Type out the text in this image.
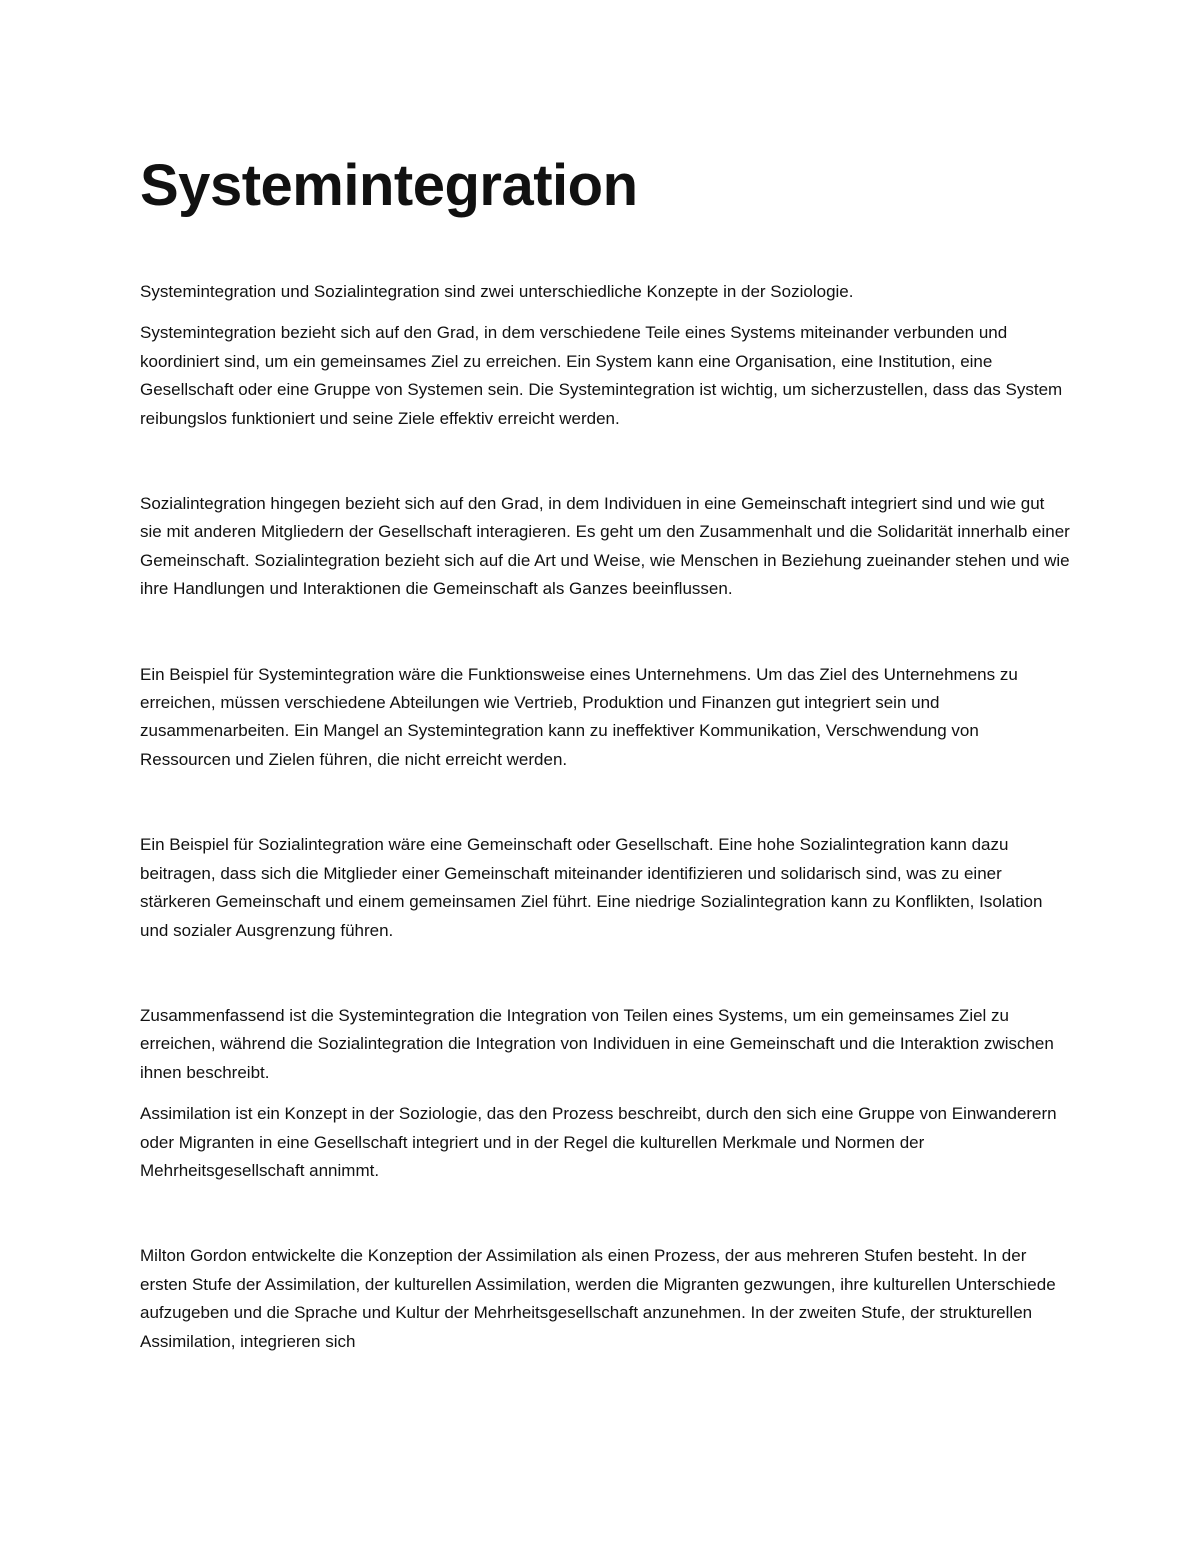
Systemintegration

Systemintegration und Sozialintegration sind zwei unterschiedliche Konzepte in der Soziologie.

Systemintegration bezieht sich auf den Grad, in dem verschiedene Teile eines Systems miteinander verbunden und koordiniert sind, um ein gemeinsames Ziel zu erreichen. Ein System kann eine Organisation, eine Institution, eine Gesellschaft oder eine Gruppe von Systemen sein. Die Systemintegration ist wichtig, um sicherzustellen, dass das System reibungslos funktioniert und seine Ziele effektiv erreicht werden.

Sozialintegration hingegen bezieht sich auf den Grad, in dem Individuen in eine Gemeinschaft integriert sind und wie gut sie mit anderen Mitgliedern der Gesellschaft interagieren. Es geht um den Zusammenhalt und die Solidarität innerhalb einer Gemeinschaft. Sozialintegration bezieht sich auf die Art und Weise, wie Menschen in Beziehung zueinander stehen und wie ihre Handlungen und Interaktionen die Gemeinschaft als Ganzes beeinflussen.

Ein Beispiel für Systemintegration wäre die Funktionsweise eines Unternehmens. Um das Ziel des Unternehmens zu erreichen, müssen verschiedene Abteilungen wie Vertrieb, Produktion und Finanzen gut integriert sein und zusammenarbeiten. Ein Mangel an Systemintegration kann zu ineffektiver Kommunikation, Verschwendung von Ressourcen und Zielen führen, die nicht erreicht werden.

Ein Beispiel für Sozialintegration wäre eine Gemeinschaft oder Gesellschaft. Eine hohe Sozialintegration kann dazu beitragen, dass sich die Mitglieder einer Gemeinschaft miteinander identifizieren und solidarisch sind, was zu einer stärkeren Gemeinschaft und einem gemeinsamen Ziel führt. Eine niedrige Sozialintegration kann zu Konflikten, Isolation und sozialer Ausgrenzung führen.

Zusammenfassend ist die Systemintegration die Integration von Teilen eines Systems, um ein gemeinsames Ziel zu erreichen, während die Sozialintegration die Integration von Individuen in eine Gemeinschaft und die Interaktion zwischen ihnen beschreibt.

Assimilation ist ein Konzept in der Soziologie, das den Prozess beschreibt, durch den sich eine Gruppe von Einwanderern oder Migranten in eine Gesellschaft integriert und in der Regel die kulturellen Merkmale und Normen der Mehrheitsgesellschaft annimmt.

Milton Gordon entwickelte die Konzeption der Assimilation als einen Prozess, der aus mehreren Stufen besteht. In der ersten Stufe der Assimilation, der kulturellen Assimilation, werden die Migranten gezwungen, ihre kulturellen Unterschiede aufzugeben und die Sprache und Kultur der Mehrheitsgesellschaft anzunehmen. In der zweiten Stufe, der strukturellen Assimilation, integrieren sich
